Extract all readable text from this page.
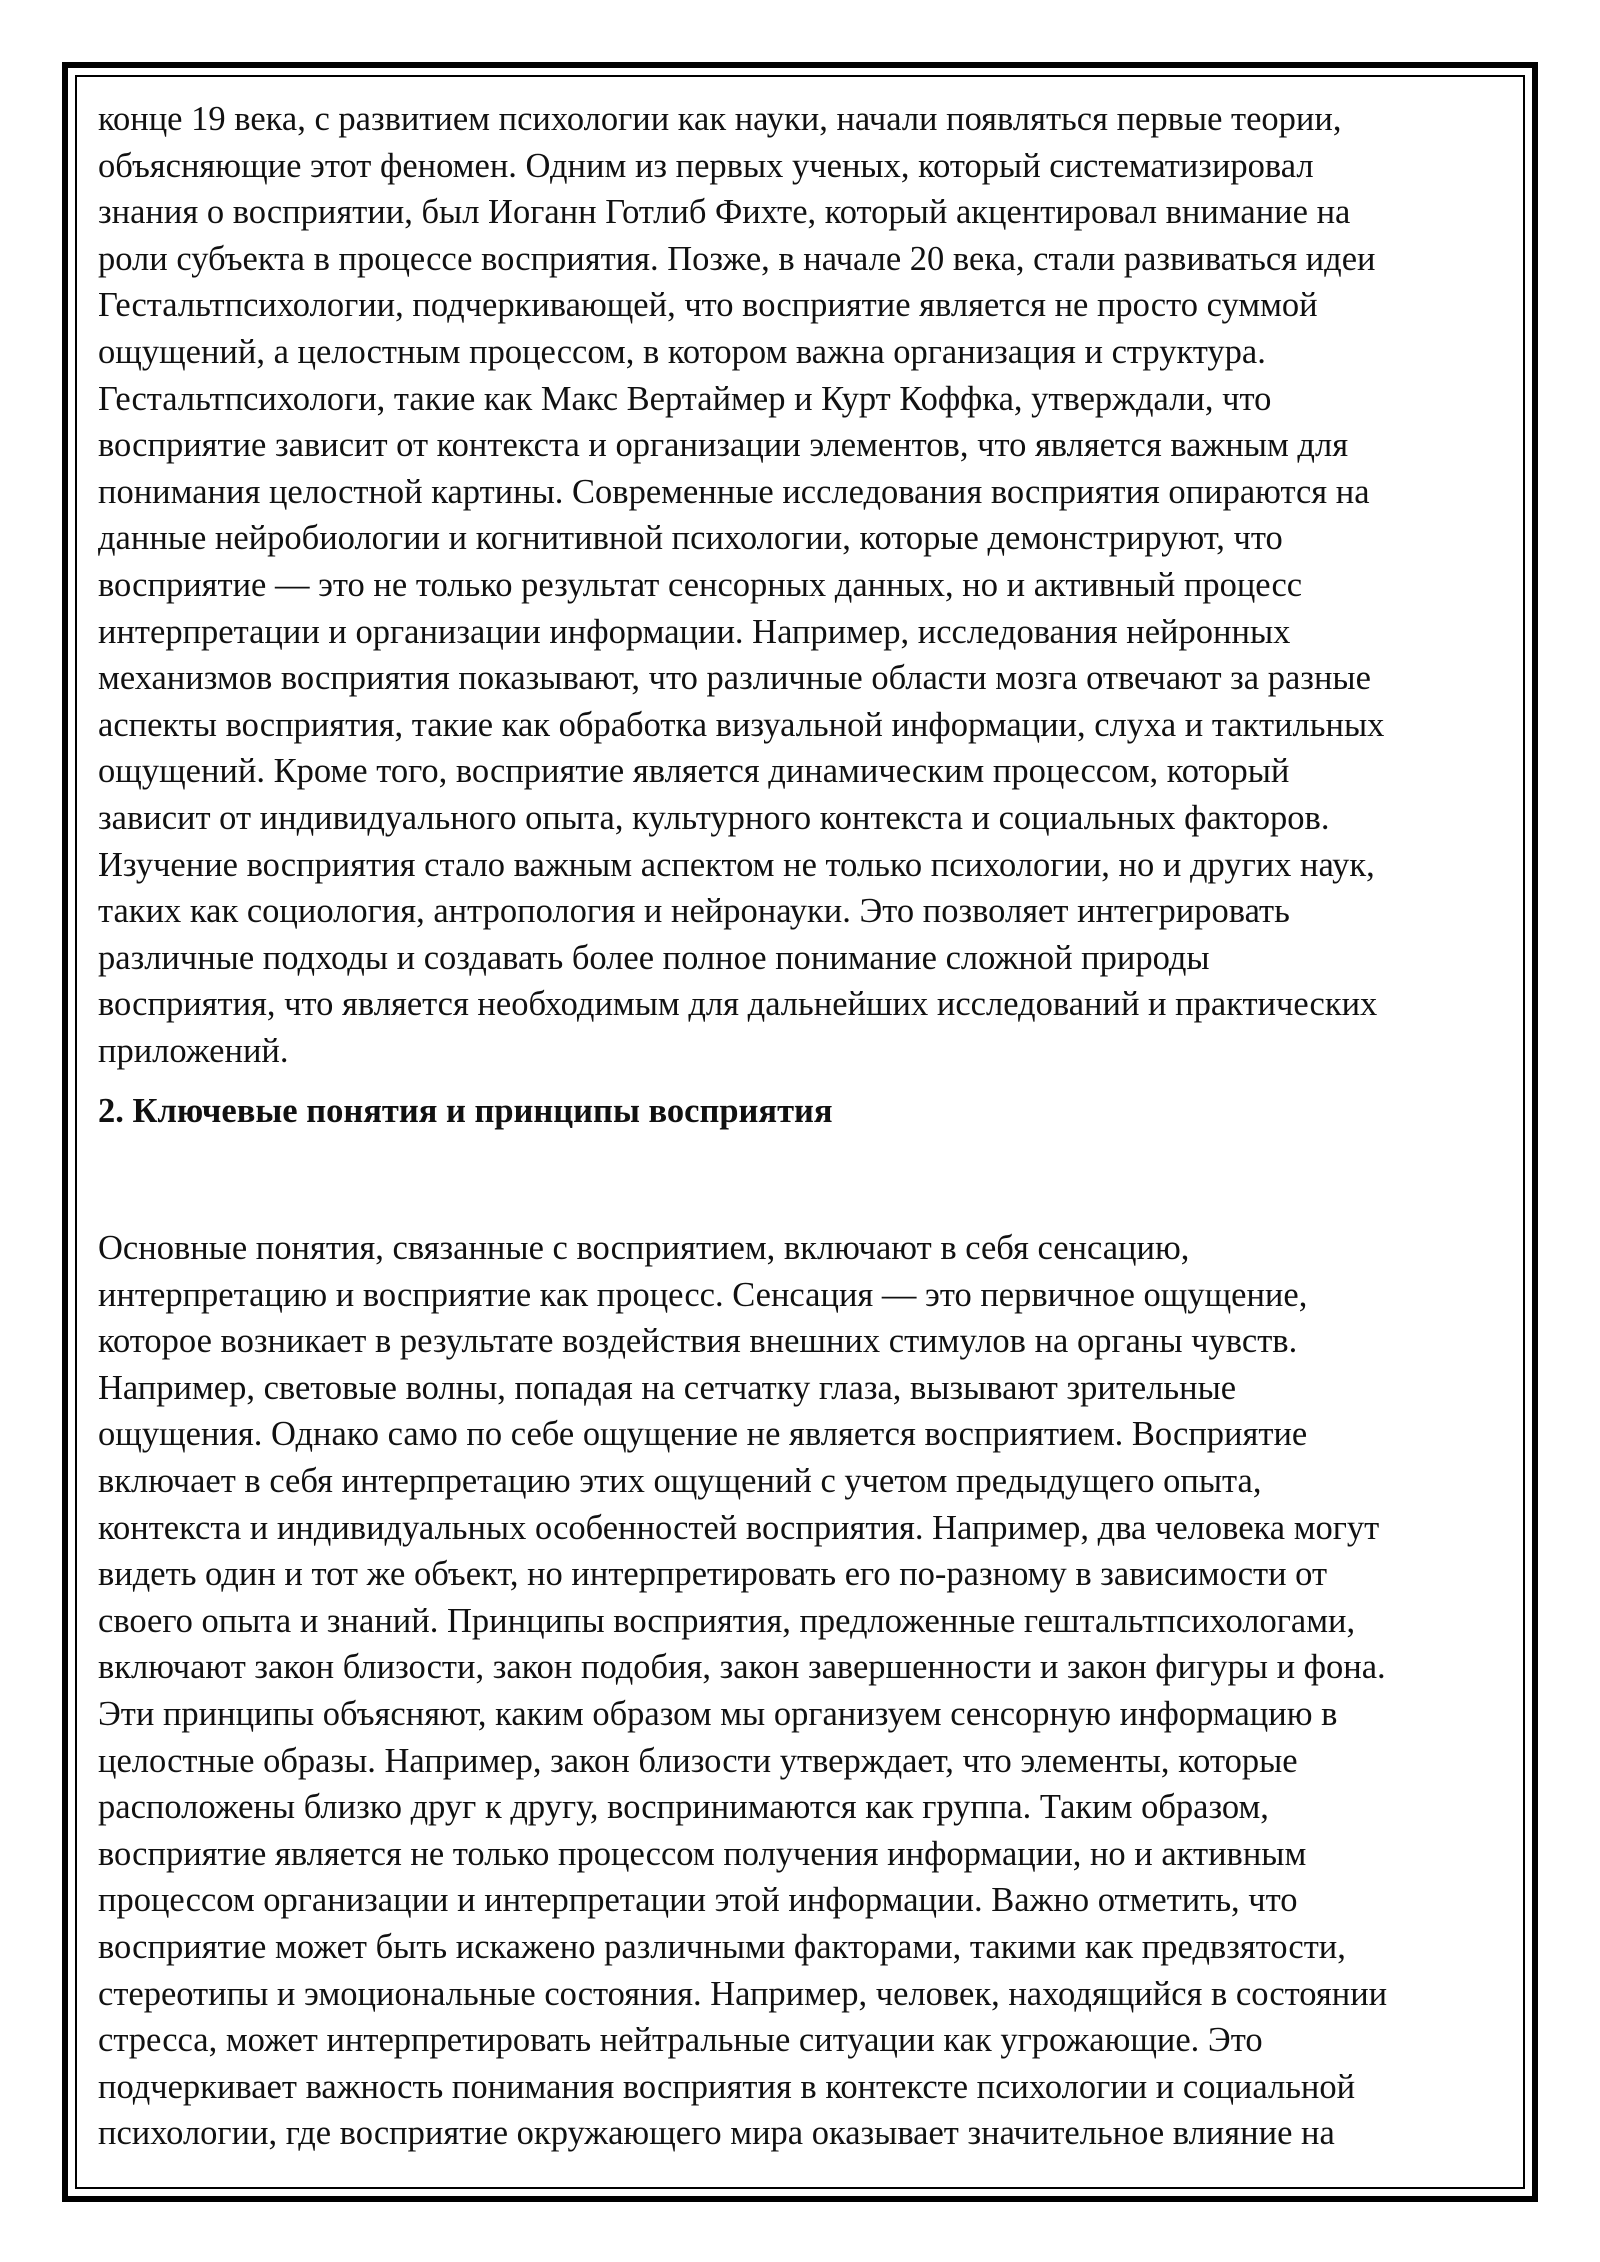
конце 19 века, с развитием психологии как науки, начали появляться первые теории,
объясняющие этот феномен. Одним из первых ученых, который систематизировал
знания о восприятии, был Иоганн Готлиб Фихте, который акцентировал внимание на
роли субъекта в процессе восприятия. Позже, в начале 20 века, стали развиваться идеи
Гестальтпсихологии, подчеркивающей, что восприятие является не просто суммой
ощущений, а целостным процессом, в котором важна организация и структура.
Гестальтпсихологи, такие как Макс Вертаймер и Курт Коффка, утверждали, что
восприятие зависит от контекста и организации элементов, что является важным для
понимания целостной картины. Современные исследования восприятия опираются на
данные нейробиологии и когнитивной психологии, которые демонстрируют, что
восприятие — это не только результат сенсорных данных, но и активный процесс
интерпретации и организации информации. Например, исследования нейронных
механизмов восприятия показывают, что различные области мозга отвечают за разные
аспекты восприятия, такие как обработка визуальной информации, слуха и тактильных
ощущений. Кроме того, восприятие является динамическим процессом, который
зависит от индивидуального опыта, культурного контекста и социальных факторов.
Изучение восприятия стало важным аспектом не только психологии, но и других наук,
таких как социология, антропология и нейронауки. Это позволяет интегрировать
различные подходы и создавать более полное понимание сложной природы
восприятия, что является необходимым для дальнейших исследований и практических
приложений.
2. Ключевые понятия и принципы восприятия
Основные понятия, связанные с восприятием, включают в себя сенсацию,
интерпретацию и восприятие как процесс. Сенсация — это первичное ощущение,
которое возникает в результате воздействия внешних стимулов на органы чувств.
Например, световые волны, попадая на сетчатку глаза, вызывают зрительные
ощущения. Однако само по себе ощущение не является восприятием. Восприятие
включает в себя интерпретацию этих ощущений с учетом предыдущего опыта,
контекста и индивидуальных особенностей восприятия. Например, два человека могут
видеть один и тот же объект, но интерпретировать его по-разному в зависимости от
своего опыта и знаний. Принципы восприятия, предложенные гештальтпсихологами,
включают закон близости, закон подобия, закон завершенности и закон фигуры и фона.
Эти принципы объясняют, каким образом мы организуем сенсорную информацию в
целостные образы. Например, закон близости утверждает, что элементы, которые
расположены близко друг к другу, воспринимаются как группа. Таким образом,
восприятие является не только процессом получения информации, но и активным
процессом организации и интерпретации этой информации. Важно отметить, что
восприятие может быть искажено различными факторами, такими как предвзятости,
стереотипы и эмоциональные состояния. Например, человек, находящийся в состоянии
стресса, может интерпретировать нейтральные ситуации как угрожающие. Это
подчеркивает важность понимания восприятия в контексте психологии и социальной
психологии, где восприятие окружающего мира оказывает значительное влияние на
